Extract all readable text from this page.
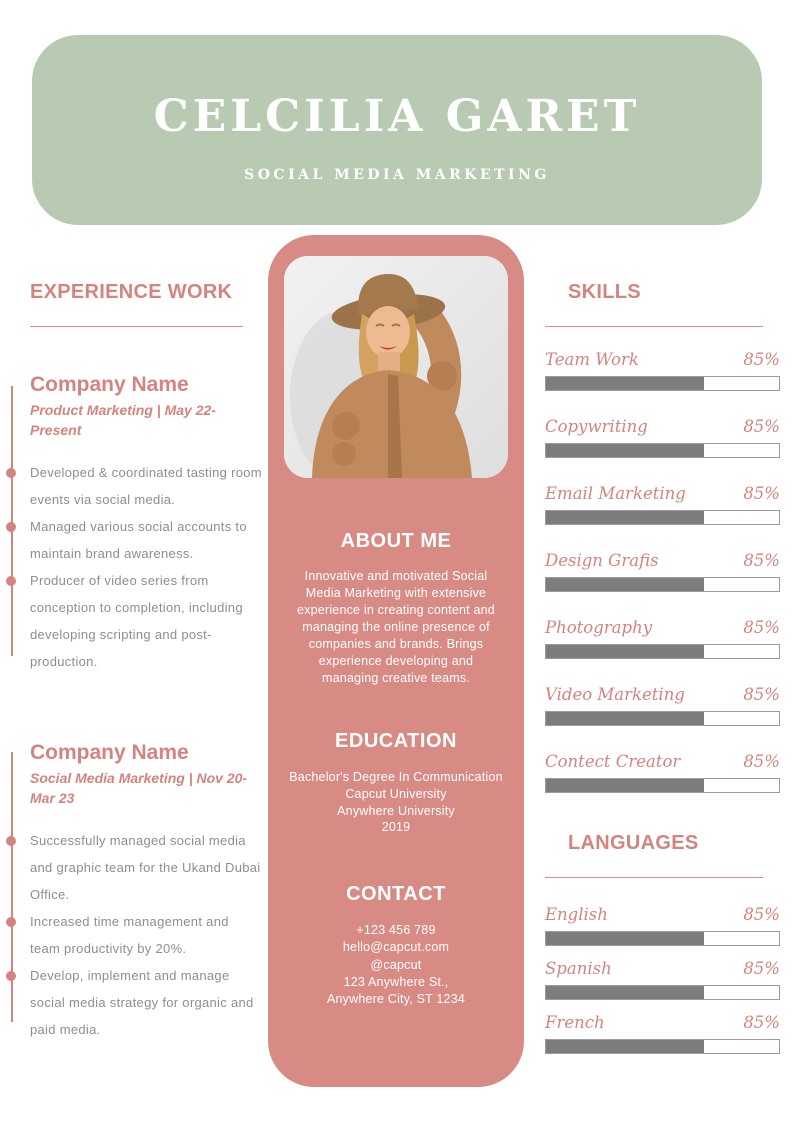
CELCILIA GARET
SOCIAL MEDIA MARKETING
EXPERIENCE WORK
Company Name
Product Marketing | May 22-Present
Developed & coordinated tasting room events via social media.
Managed various social accounts to maintain brand awareness.
Producer of video series from conception to completion, including developing scripting and post-production.
Company Name
Social Media Marketing | Nov 20-Mar 23
Successfully managed social media and graphic team for the Ukand Dubai Office.
Increased time management and team productivity by 20%.
Develop, implement and manage social media strategy for organic and paid media.
ABOUT ME

Innovative and motivated Social Media Marketing with extensive experience in creating content and managing the online presence of companies and brands. Brings experience developing and managing creative teams.

EDUCATION
Bachelor's Degree In Communication
Capcut University
Anywhere University
2019
CONTACT
+123 456 789
hello@capcut.com
@capcut
123 Anywhere St.,
Anywhere City, ST 1234
SKILLS
Team Work	85%
Copywriting	85%
Email Marketing	85%
Design Grafis	85%
Photography	85%
Video Marketing	85%
Contect Creator	85%
LANGUAGES
English	85%
Spanish	85%
French	85%
